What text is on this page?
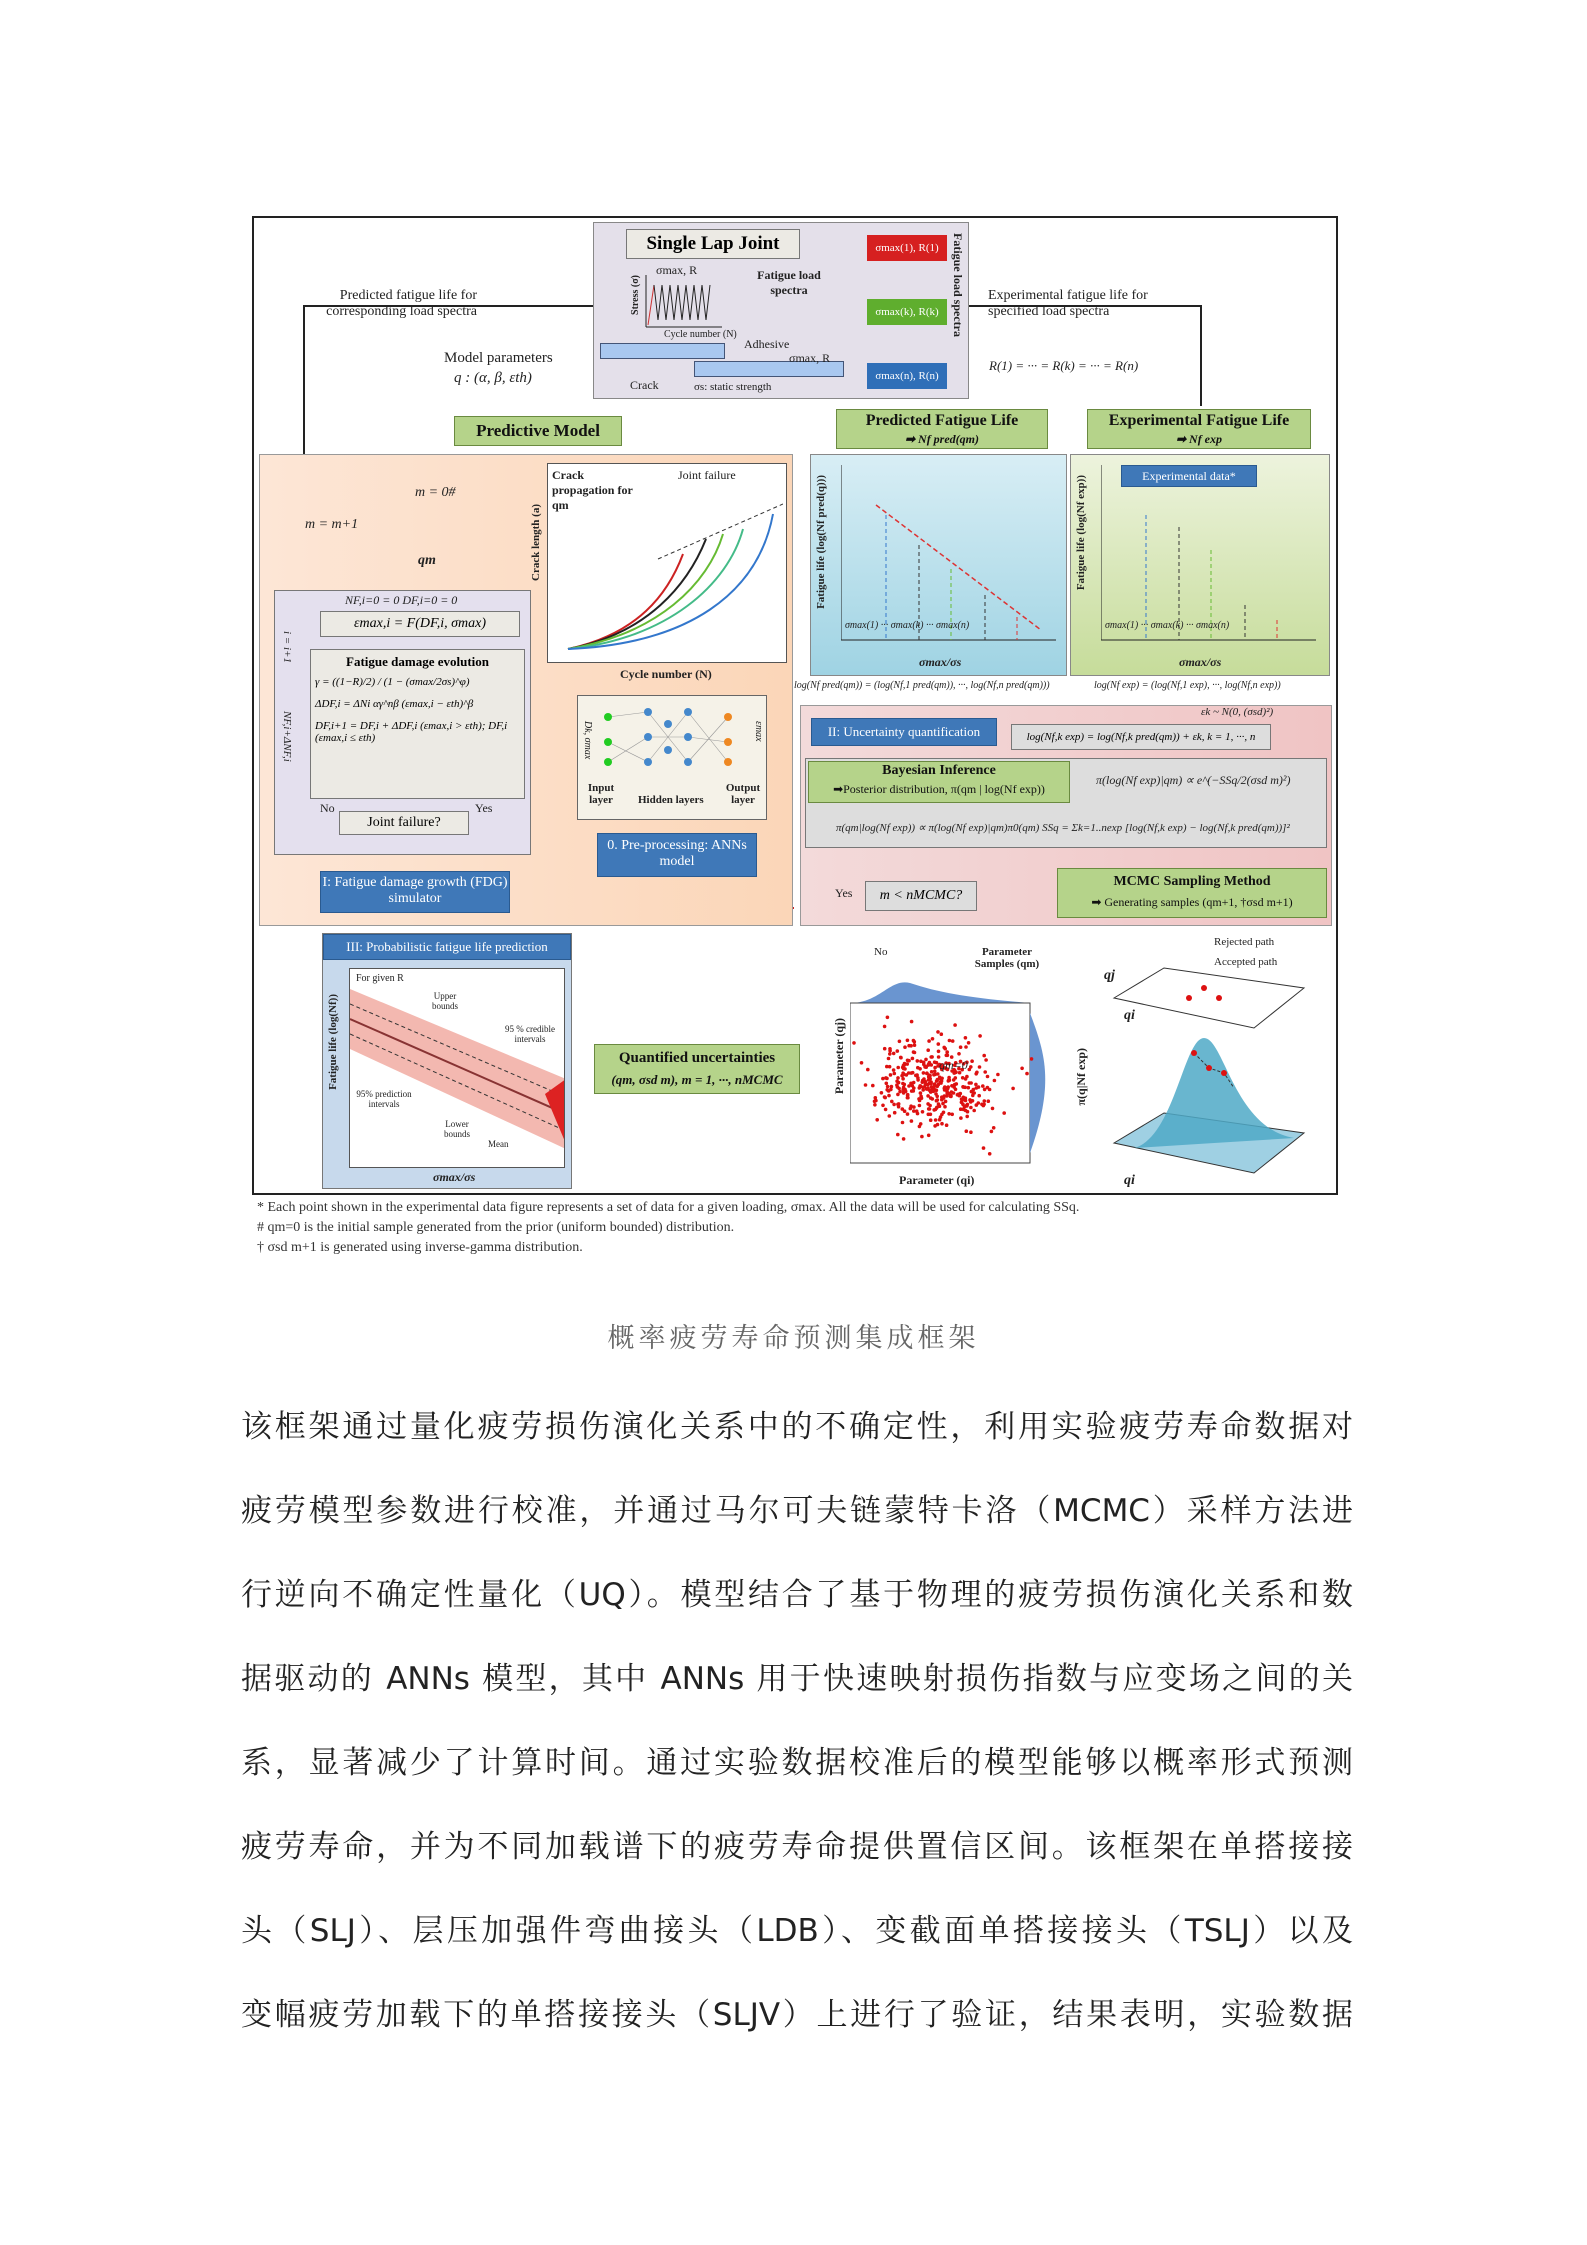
Single Lap Joint
Fatigue load spectra
σmax, R
Stress (σ)
Cycle number (N)
Adhesive
σmax, R
Crack	σs: static strength
σmax(1), R(1)
σmax(k), R(k)
σmax(n), R(n)
Fatigue load spectra
Predicted fatigue life for corresponding load spectra
Experimental fatigue life for specified load spectra
R(1) = ··· = R(k) = ··· = R(n)
Model parameters
q : (α, β, εth)
Predictive Model
m = 0#
m = m+1
qm
NF,i=0 = 0 DF,i=0 = 0
εmax,i = F(DF,i, σmax)
Fatigue damage evolution
γ = ((1−R)/2) / (1 − (σmax/2σs)^φ)
ΔDF,i = ΔNi αγ^nβ (εmax,i − εth)^β
DF,i+1 = DF,i + ΔDF,i (εmax,i > εth); DF,i (εmax,i ≤ εth)
Joint failure?
No	Yes
i = i+1
NF,i+ΔNF,i
I: Fatigue damage growth (FDG) simulator
Crack propagation for qm
Joint failure
Crack length (a)
Cycle number (N)
Dk, σmax	εmax
Input layer Hidden layers
Output layer
0. Pre-processing: ANNs model
Predicted Fatigue Life
➡ Nf pred(qm)
Experimental Fatigue Life
➡ Nf exp
Fatigue life (log(Nf pred(q)))
σmax(1) ··· σmax(k) ··· σmax(n)
σmax/σs
Experimental data*
Fatigue life (log(Nf exp))
σmax(1) ··· σmax(k) ··· σmax(n)
σmax/σs
log(Nf pred(qm)) = (log(Nf,1 pred(qm)), ···, log(Nf,n pred(qm)))	log(Nf exp) = (log(Nf,1 exp), ···, log(Nf,n exp))
II: Uncertainty quantification
εk ~ N(0, (σsd)²)
log(Nf,k exp) = log(Nf,k pred(qm)) + εk, k = 1, ···, n
Bayesian Inference
➡Posterior distribution, π(qm | log(Nf exp))
π(log(Nf exp)|qm) ∝ e^(−SSq/2(σsd m)²)
π(qm|log(Nf exp)) ∝ π(log(Nf exp)|qm)π0(qm) SSq = Σk=1..nexp [log(Nf,k exp) − log(Nf,k pred(qm))]²
MCMC Sampling Method
➡ Generating samples (qm+1, †σsd m+1)
m < nMCMC?
Yes
III: Probabilistic fatigue life prediction
For given R
Upper bounds
95 % credible intervals
95% prediction intervals
Lower bounds
Mean
Fatigue life (log(Nf))
σmax/σs
Quantified uncertainties
(qm, σsd m), m = 1, ···, nMCMC
No	Parameter Samples (qm)
qm=0
Parameter (qi)
Parameter (qj)
Rejected path
Accepted path
qj
qi
π(q|Nf exp)
qi
* Each point shown in the experimental data figure represents a set of data for a given loading, σmax. All the data will be used for calculating SSq.
# qm=0 is the initial sample generated from the prior (uniform bounded) distribution.
† σsd m+1 is generated using inverse-gamma distribution.
概率疲劳寿命预测集成框架
该框架通过量化疲劳损伤演化关系中的不确定性，利用实验疲劳寿命数据对
疲劳模型参数进行校准，并通过马尔可夫链蒙特卡洛（MCMC）采样方法进
行逆向不确定性量化（UQ）。模型结合了基于物理的疲劳损伤演化关系和数
据驱动的 ANNs 模型，其中 ANNs 用于快速映射损伤指数与应变场之间的关
系，显著减少了计算时间。通过实验数据校准后的模型能够以概率形式预测
疲劳寿命，并为不同加载谱下的疲劳寿命提供置信区间。该框架在单搭接接
头（SLJ）、层压加强件弯曲接头（LDB）、变截面单搭接接头（TSLJ）以及
变幅疲劳加载下的单搭接接头（SLJV）上进行了验证，结果表明，实验数据
